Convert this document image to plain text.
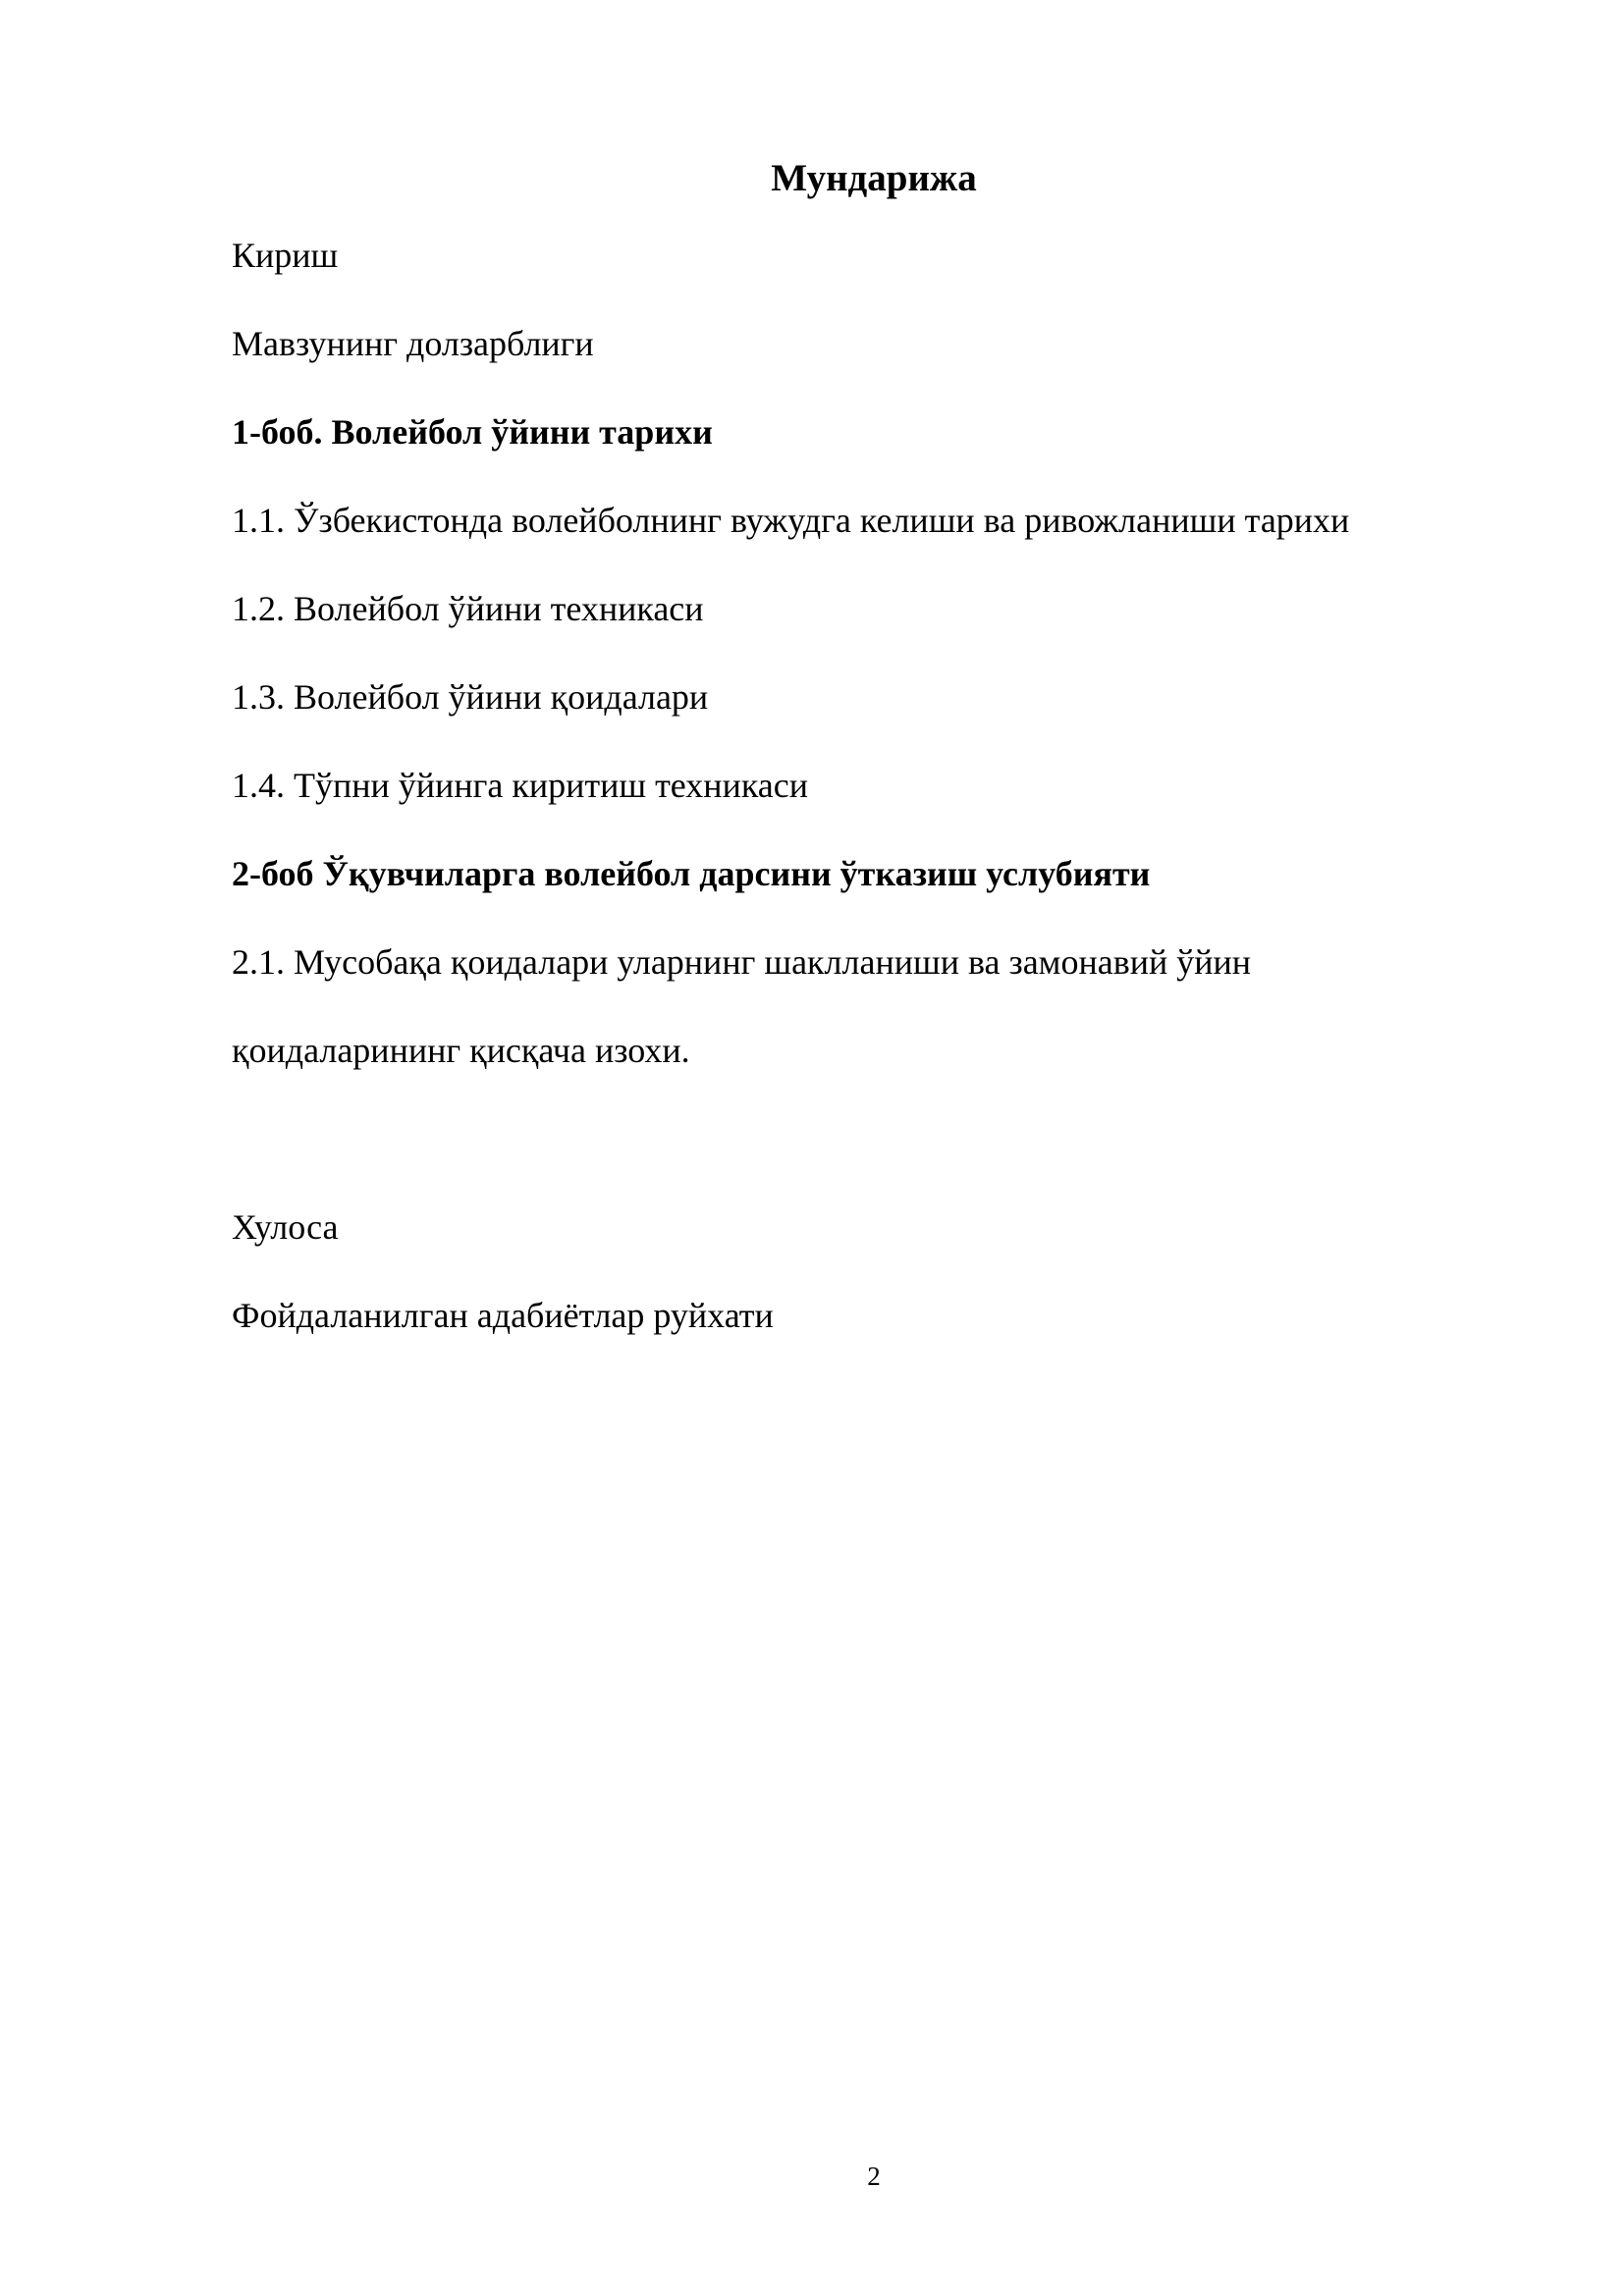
Мундарижа
Кириш
Мавзунинг долзарблиги
1-боб. Волейбол ўйини тарихи
1.1. Ўзбекистонда волейболнинг вужудга келиши ва ривожланиши тарихи
1.2. Волейбол ўйини техникаси
1.3. Волейбол ўйини қоидалари
1.4. Тўпни ўйинга киритиш техникаси
2-боб Ўқувчиларга волейбол дарсини ўтказиш услубияти
2.1. Мусобақа қоидалари уларнинг шаклланиши ва замонавий ўйин
қоидаларининг қисқача изохи.
Хулоса
Фойдаланилган адабиётлар руйхати
2
